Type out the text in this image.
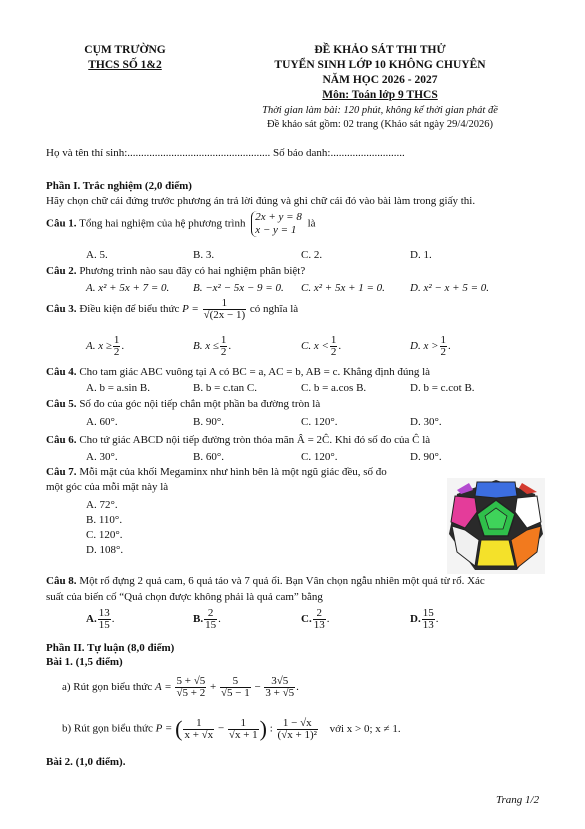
CỤM TRƯỜNG
THCS SỐ 1&2
ĐỀ KHẢO SÁT THI THỬ
TUYỂN SINH LỚP 10 KHÔNG CHUYÊN
NĂM HỌC 2026 - 2027
Môn: Toán lớp 9 THCS
Thời gian làm bài: 120 phút, không kể thời gian phát đề
Đề khảo sát gồm: 02 trang (Khảo sát ngày 29/4/2026)
Họ và tên thí sinh:.................................................... Số báo danh:...........................
Phần I. Trắc nghiệm (2,0 điểm)
Hãy chọn chữ cái đứng trước phương án trả lời đúng và ghi chữ cái đó vào bài làm trong giấy thi.
Câu 1. Tổng hai nghiệm của hệ phương trình
2x + y = 8
x − y = 1
là
A. 5.	B. 3.	C. 2.	D. 1.
Câu 2. Phương trình nào sau đây có hai nghiệm phân biệt?
A. x² + 5x + 7 = 0. B. −x² − 5x − 9 = 0. C. x² + 5x + 1 = 0. D. x² − x + 5 = 0.
Câu 3. Điều kiện để biểu thức $P = \frac{1}{√(2x - 1)}$ có nghĩa là
A. $x \ge \frac{1}{2}$ .	B. $x \le \frac{1}{2}$ .	C. $x < \frac{1}{2}$ .	D. $x > \frac{1}{2}$ .
Câu 4. Cho tam giác ABC vuông tại A có BC = a, AC = b, AB = c. Khẳng định đúng là
A. b = a.sin B.	B. b = c.tan C.	C. b = a.cos B.	D. b = c.cot B.
Câu 5. Số đo của góc nội tiếp chắn một phần ba đường tròn là
A. 60°.	B. 90°.	C. 120°.	D. 30°.
Câu 6. Cho tứ giác ABCD nội tiếp đường tròn thỏa mãn Â = 2Ĉ. Khi đó số đo của Ĉ là
A. 30°.	B. 60°.	C. 120°.	D. 90°.
Câu 7. Mỗi mặt của khối Megaminx như hình bên là một ngũ giác đều, số đo
một góc của mỗi mặt này là
A. 72°.
B. 110°.
C. 120°.
D. 108°.
Câu 8. Một rổ đựng 2 quả cam, 6 quả táo và 7 quả ổi. Bạn Vân chọn ngẫu nhiên một quả từ rổ. Xác
suất của biến cố “Quả chọn được không phải là quả cam” bằng
A. $\frac{13}{15}$ .	B. $\frac{2}{15}$ .	C. $\frac{2}{13}$ .	D. $\frac{15}{13}$ .
Phần II. Tự luận (8,0 điểm)
Bài 1. (1,5 điểm)
a) Rút gọn biểu thức $A = \frac{5 + √5}{√5 + 2} + \frac{5}{√5 - 1} - \frac{3√5}{3 + √5}$ .
b) Rút gọn biểu thức P = ( $\frac{1}{x + √x} - \frac{1}{√x + 1}$ ) : $\frac{1 - √x}{\text{(√x + 1)²}}$ với x > 0; x ≠ 1.
Bài 2. (1,0 điểm).
Trang 1/2
